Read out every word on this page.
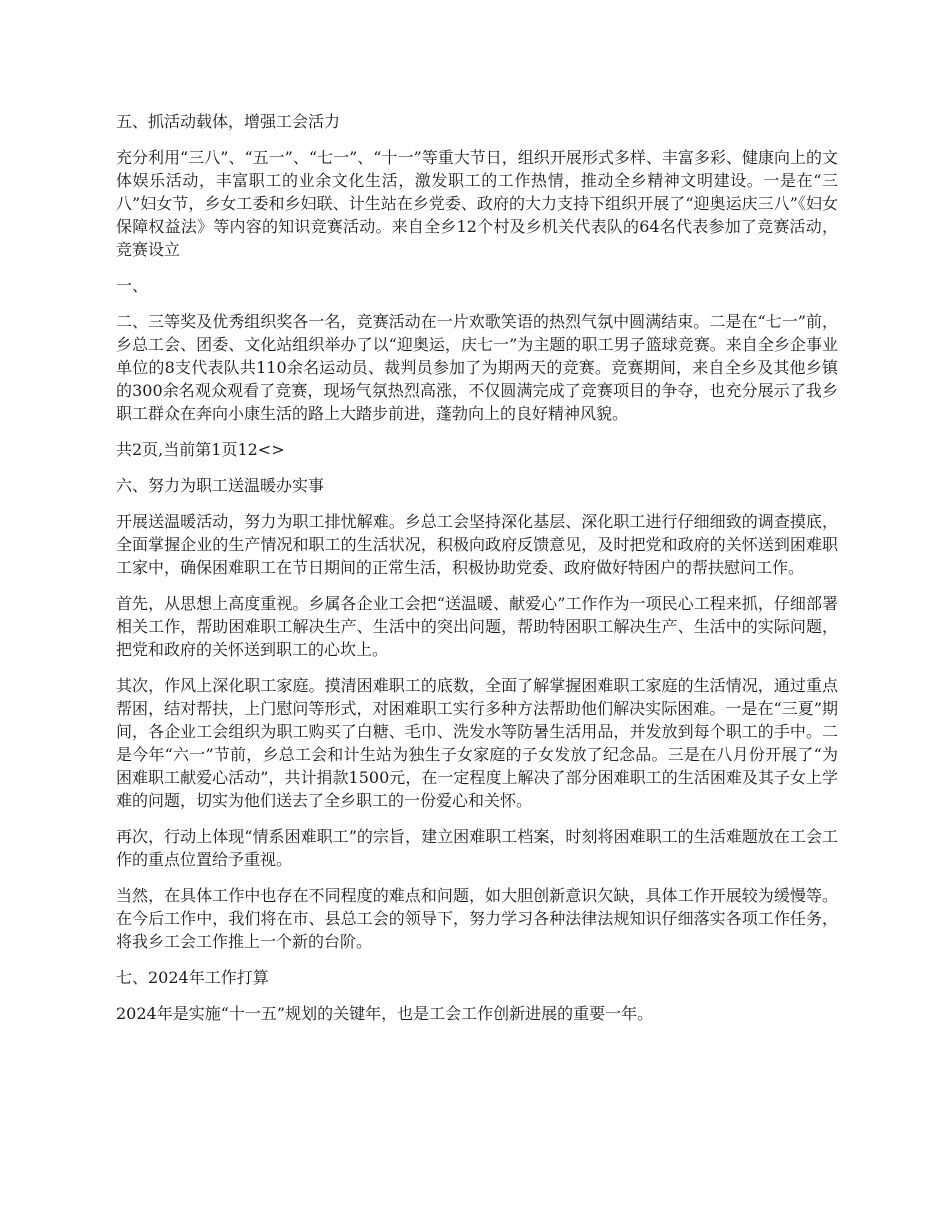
五、抓活动载体，增强工会活力

充分利用“三八”、“五一”、“七一”、“十一”等重大节日，组织开展形式多样、丰富多彩、健康向上的文体娱乐活动，丰富职工的业余文化生活，激发职工的工作热情，推动全乡精神文明建设。一是在“三八”妇女节，乡女工委和乡妇联、计生站在乡党委、政府的大力支持下组织开展了“迎奥运庆三八”《妇女保障权益法》等内容的知识竞赛活动。来自全乡12个村及乡机关代表队的64名代表参加了竞赛活动，竞赛设立

一、

二、三等奖及优秀组织奖各一名，竞赛活动在一片欢歌笑语的热烈气氛中圆满结束。二是在“七一”前，乡总工会、团委、文化站组织举办了以“迎奥运，庆七一”为主题的职工男子篮球竞赛。来自全乡企事业单位的8支代表队共110余名运动员、裁判员参加了为期两天的竞赛。竞赛期间，来自全乡及其他乡镇的300余名观众观看了竞赛，现场气氛热烈高涨，不仅圆满完成了竞赛项目的争夺，也充分展示了我乡职工群众在奔向小康生活的路上大踏步前进，蓬勃向上的良好精神风貌。

共2页,当前第1页12<>

六、努力为职工送温暖办实事

开展送温暖活动，努力为职工排忧解难。乡总工会坚持深化基层、深化职工进行仔细细致的调查摸底，全面掌握企业的生产情况和职工的生活状况，积极向政府反馈意见，及时把党和政府的关怀送到困难职工家中，确保困难职工在节日期间的正常生活，积极协助党委、政府做好特困户的帮扶慰问工作。

首先，从思想上高度重视。乡属各企业工会把“送温暖、献爱心”工作作为一项民心工程来抓，仔细部署相关工作，帮助困难职工解决生产、生活中的突出问题，帮助特困职工解决生产、生活中的实际问题，把党和政府的关怀送到职工的心坎上。

其次，作风上深化职工家庭。摸清困难职工的底数，全面了解掌握困难职工家庭的生活情况，通过重点帮困，结对帮扶，上门慰问等形式，对困难职工实行多种方法帮助他们解决实际困难。一是在“三夏”期间，各企业工会组织为职工购买了白糖、毛巾、洗发水等防暑生活用品，并发放到每个职工的手中。二是今年“六一”节前，乡总工会和计生站为独生子女家庭的子女发放了纪念品。三是在八月份开展了“为困难职工献爱心活动”，共计捐款1500元，在一定程度上解决了部分困难职工的生活困难及其子女上学难的问题，切实为他们送去了全乡职工的一份爱心和关怀。

再次，行动上体现“情系困难职工”的宗旨，建立困难职工档案，时刻将困难职工的生活难题放在工会工作的重点位置给予重视。

当然，在具体工作中也存在不同程度的难点和问题，如大胆创新意识欠缺，具体工作开展较为缓慢等。在今后工作中，我们将在市、县总工会的领导下，努力学习各种法律法规知识仔细落实各项工作任务，将我乡工会工作推上一个新的台阶。

七、2024年工作打算

2024年是实施“十一五”规划的关键年，也是工会工作创新进展的重要一年。
